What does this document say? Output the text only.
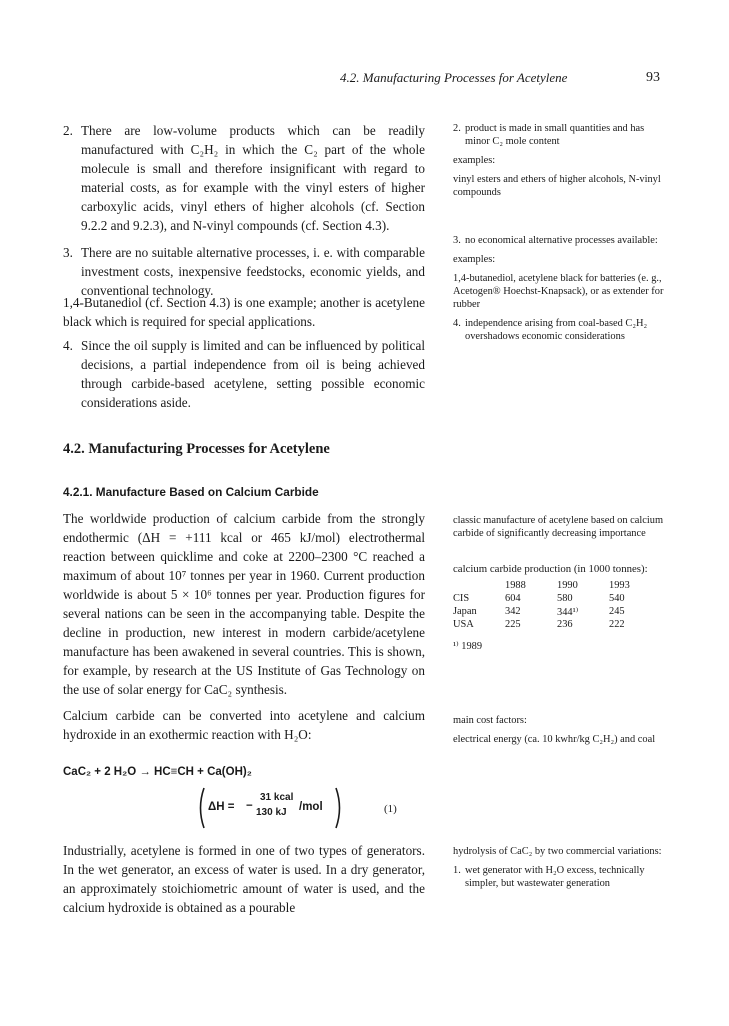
4.2. Manufacturing Processes for Acetylene	93
2. There are low-volume products which can be readily manufactured with C₂H₂ in which the C₂ part of the whole molecule is small and therefore insignificant with regard to material costs, as for example with the vinyl esters of higher carboxylic acids, vinyl ethers of higher alcohols (cf. Section 9.2.2 and 9.2.3), and N-vinyl compounds (cf. Section 4.3).
3. There are no suitable alternative processes, i. e. with comparable investment costs, inexpensive feedstocks, economic yields, and conventional technology.
1,4-Butanediol (cf. Section 4.3) is one example; another is acetylene black which is required for special applications.
4. Since the oil supply is limited and can be influenced by political decisions, a partial independence from oil is being achieved through carbide-based acetylene, setting possible economic considerations aside.
4.2. Manufacturing Processes for Acetylene
4.2.1. Manufacture Based on Calcium Carbide
The worldwide production of calcium carbide from the strongly endothermic (ΔH = +111 kcal or 465 kJ/mol) electrothermal reaction between quicklime and coke at 2200–2300 °C reached a maximum of about 10⁷ tonnes per year in 1960. Current production worldwide is about 5 × 10⁶ tonnes per year. Production figures for several nations can be seen in the accompanying table. Despite the decline in production, new interest in modern carbide/acetylene manufacture has been awakened in several countries. This is shown, for example, by research at the US Institute of Gas Technology on the use of solar energy for CaC₂ synthesis.
Calcium carbide can be converted into acetylene and calcium hydroxide in an exothermic reaction with H₂O:
CaC₂ + 2 H₂O → HC≡CH + Ca(OH)₂
ΔH = −
31 kcal
130 kJ /mol	(1)
Industrially, acetylene is formed in one of two types of generators. In the wet generator, an excess of water is used. In a dry generator, an approximately stoichiometric amount of water is used, and the calcium hydroxide is obtained as a pourable
2. product is made in small quantities and has minor C₂ mole content

examples:

vinyl esters and ethers of higher alcohols, N-vinyl compounds

3. no economical alternative processes available:

examples:

1,4-butanediol, acetylene black for batteries (e. g., Acetogen® Hoechst-Knapsack), or as extender for rubber

4. independence arising from coal-based C₂H₂ overshadows economic considerations
classic manufacture of acetylene based on calcium carbide of significantly decreasing importance
calcium carbide production (in 1000 tonnes):
	1988	1990	1993
CIS	604	580	540
Japan	342	344¹⁾	245
USA	225	236	222
¹⁾ 1989

main cost factors:

electrical energy (ca. 10 kwhr/kg C₂H₂) and coal

hydrolysis of CaC₂ by two commercial variations:

1. wet generator with H₂O excess, technically simpler, but wastewater generation
